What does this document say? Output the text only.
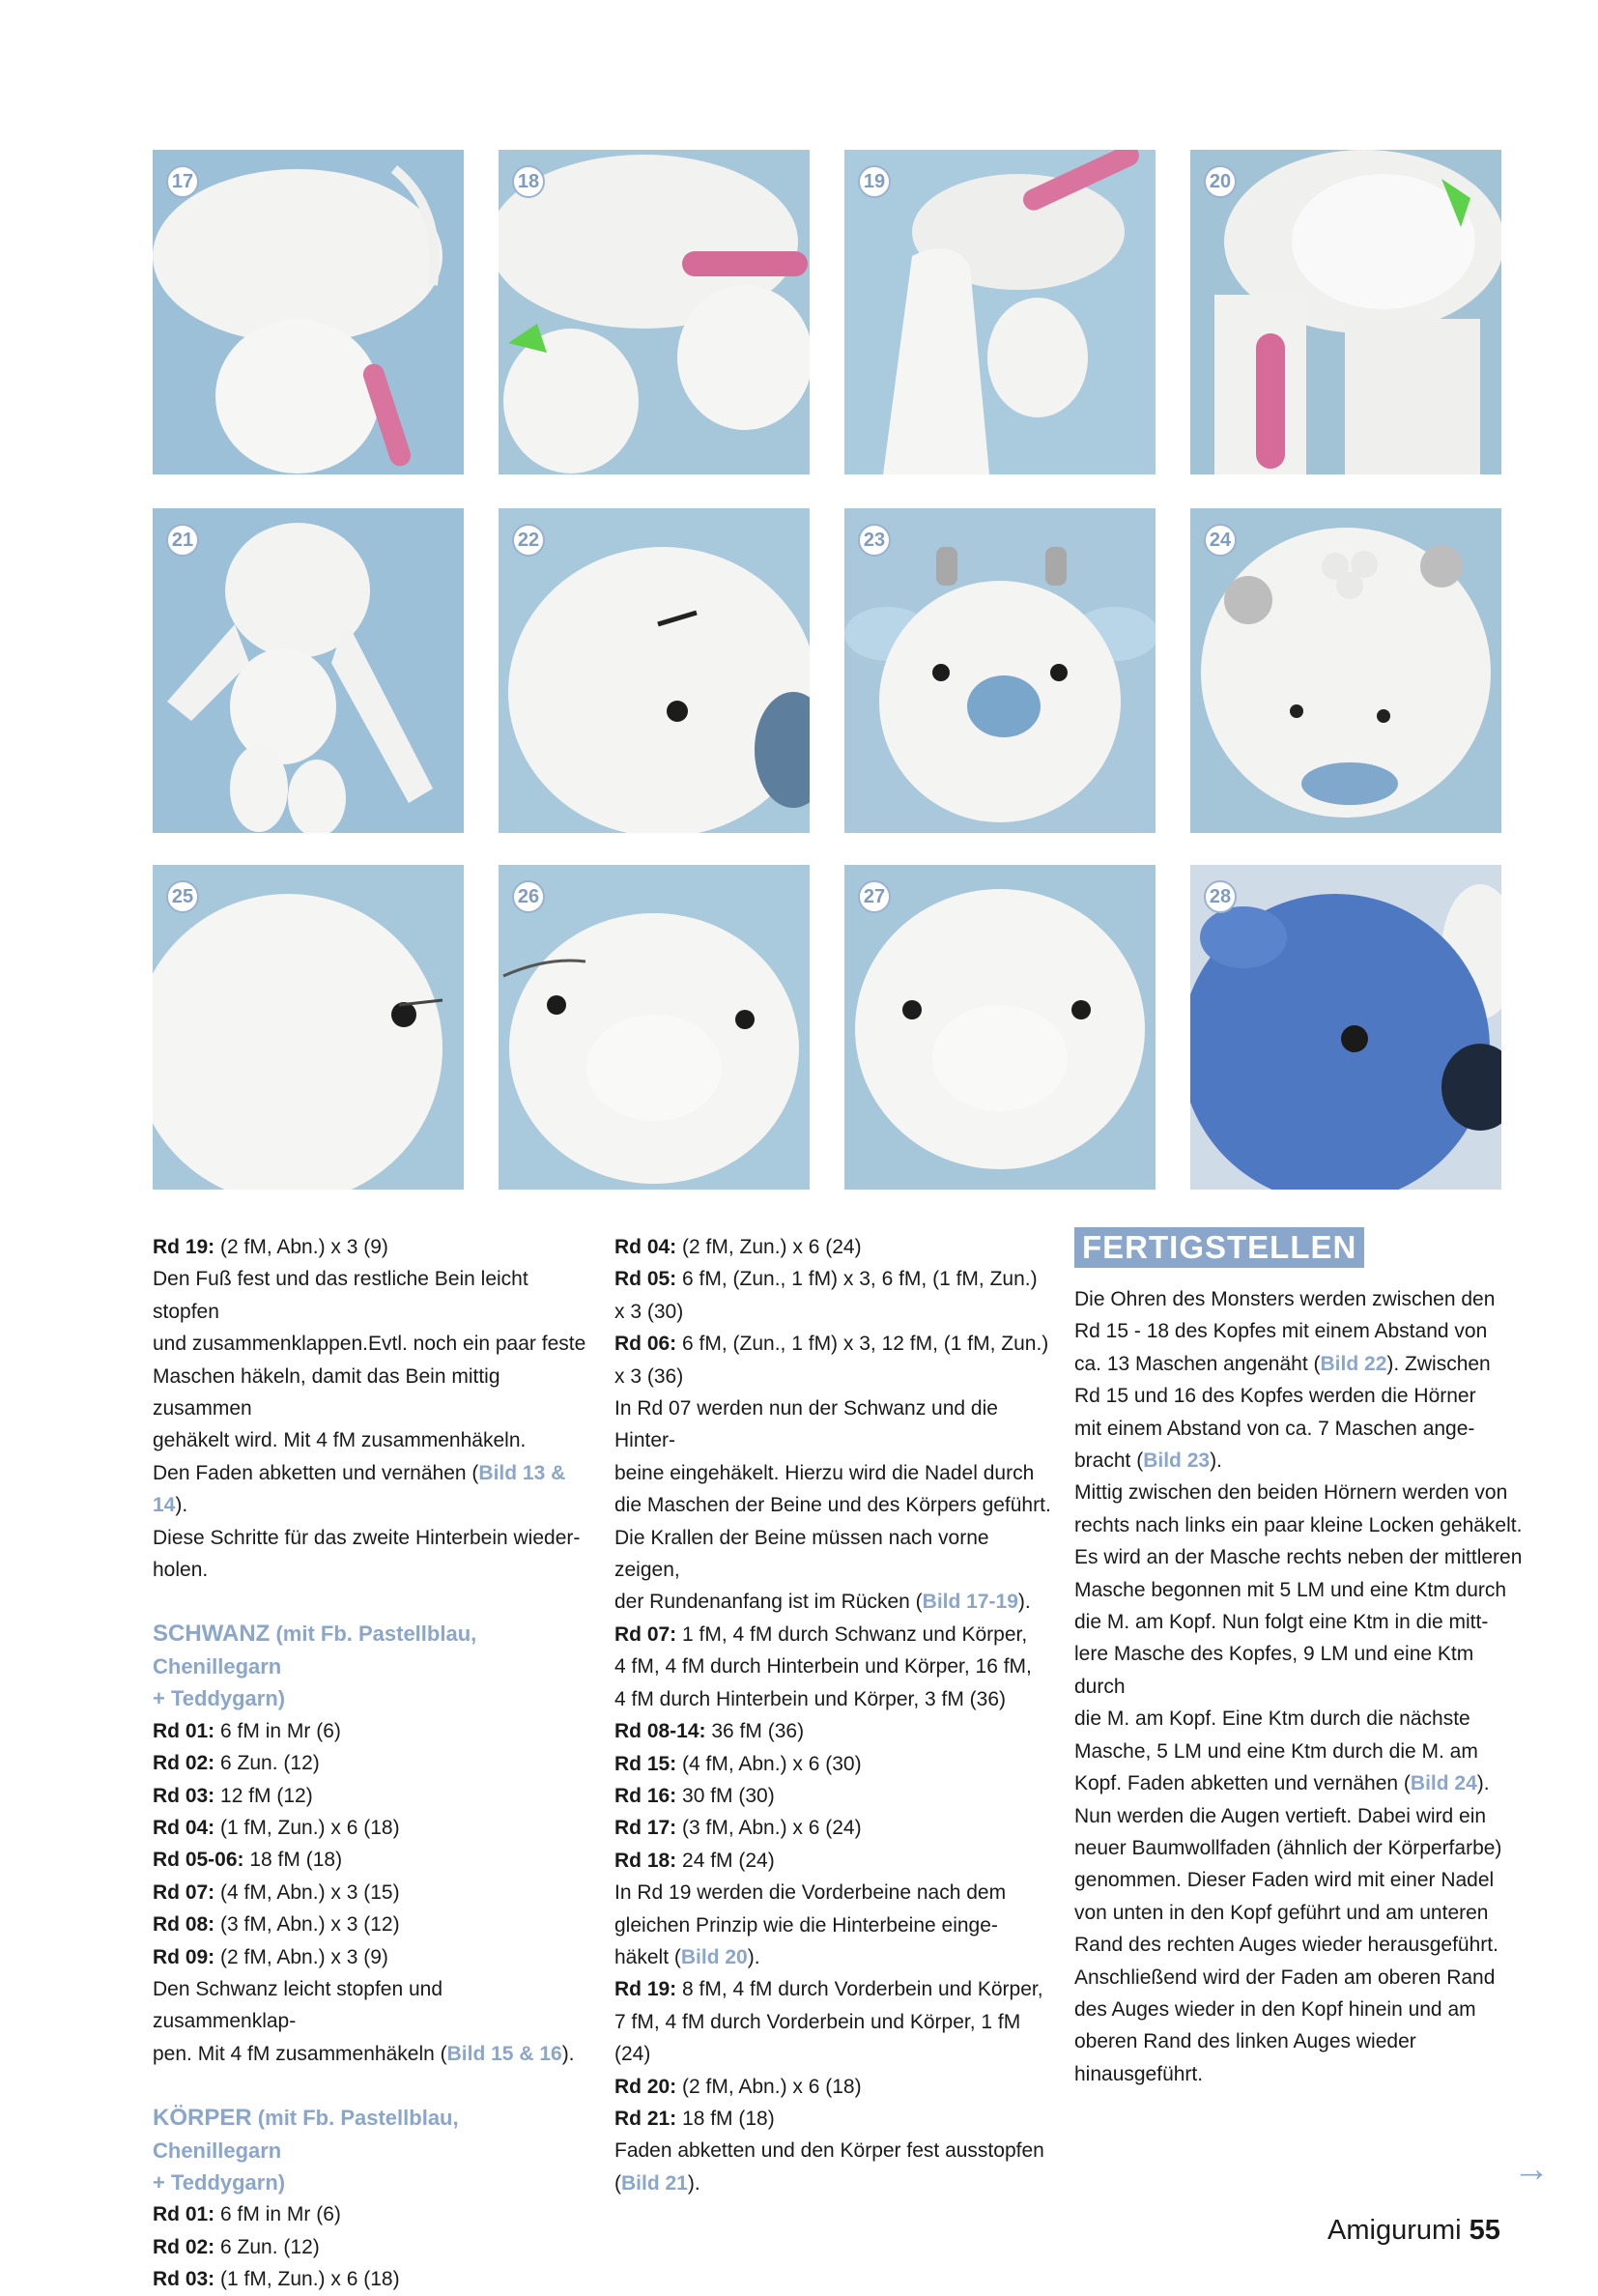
17	18	19	20
21	22	23	24
25	26	27	28

Rd 19: (2 fM, Abn.) x 3 (9)

Den Fuß fest und das restliche Bein leicht stopfen

und zusammenklappen.Evtl. noch ein paar feste

Maschen häkeln, damit das Bein mittig zusammen

gehäkelt wird. Mit 4 fM zusammenhäkeln.

Den Faden abketten und vernähen (Bild 13 & 14).

Diese Schritte für das zweite Hinterbein wieder-

holen.

SCHWANZ (mit Fb. Pastellblau, Chenillegarn

+ Teddygarn)

Rd 01: 6 fM in Mr (6)

Rd 02: 6 Zun. (12)

Rd 03: 12 fM (12)

Rd 04: (1 fM, Zun.) x 6 (18)

Rd 05-06: 18 fM (18)

Rd 07: (4 fM, Abn.) x 3 (15)

Rd 08: (3 fM, Abn.) x 3 (12)

Rd 09: (2 fM, Abn.) x 3 (9)

Den Schwanz leicht stopfen und zusammenklap-

pen. Mit 4 fM zusammenhäkeln (Bild 15 & 16).

KÖRPER (mit Fb. Pastellblau, Chenillegarn

+ Teddygarn)

Rd 01: 6 fM in Mr (6)

Rd 02: 6 Zun. (12)

Rd 03: (1 fM, Zun.) x 6 (18)

Rd 04: (2 fM, Zun.) x 6 (24)

Rd 05: 6 fM, (Zun., 1 fM) x 3, 6 fM, (1 fM, Zun.)

x 3 (30)

Rd 06: 6 fM, (Zun., 1 fM) x 3, 12 fM, (1 fM, Zun.)

x 3 (36)

In Rd 07 werden nun der Schwanz und die Hinter-

beine eingehäkelt. Hierzu wird die Nadel durch

die Maschen der Beine und des Körpers geführt.

Die Krallen der Beine müssen nach vorne zeigen,

der Rundenanfang ist im Rücken (Bild 17-19).

Rd 07: 1 fM, 4 fM durch Schwanz und Körper,

4 fM, 4 fM durch Hinterbein und Körper, 16 fM,

4 fM durch Hinterbein und Körper, 3 fM (36)

Rd 08-14: 36 fM (36)

Rd 15: (4 fM, Abn.) x 6 (30)

Rd 16: 30 fM (30)

Rd 17: (3 fM, Abn.) x 6 (24)

Rd 18: 24 fM (24)

In Rd 19 werden die Vorderbeine nach dem

gleichen Prinzip wie die Hinterbeine einge-

häkelt (Bild 20).

Rd 19: 8 fM, 4 fM durch Vorderbein und Körper,

7 fM, 4 fM durch Vorderbein und Körper, 1 fM (24)

Rd 20: (2 fM, Abn.) x 6 (18)

Rd 21: 18 fM (18)

Faden abketten und den Körper fest ausstopfen

(Bild 21).

FERTIGSTELLEN

Die Ohren des Monsters werden zwischen den

Rd 15 - 18 des Kopfes mit einem Abstand von

ca. 13 Maschen angenäht (Bild 22). Zwischen

Rd 15 und 16 des Kopfes werden die Hörner

mit einem Abstand von ca. 7 Maschen ange-

bracht (Bild 23).

Mittig zwischen den beiden Hörnern werden von

rechts nach links ein paar kleine Locken gehäkelt.

Es wird an der Masche rechts neben der mittleren

Masche begonnen mit 5 LM und eine Ktm durch

die M. am Kopf. Nun folgt eine Ktm in die mitt-

lere Masche des Kopfes, 9 LM und eine Ktm durch

die M. am Kopf. Eine Ktm durch die nächste

Masche, 5 LM und eine Ktm durch die M. am

Kopf. Faden abketten und vernähen (Bild 24).

Nun werden die Augen vertieft. Dabei wird ein

neuer Baumwollfaden (ähnlich der Körperfarbe)

genommen. Dieser Faden wird mit einer Nadel

von unten in den Kopf geführt und am unteren

Rand des rechten Auges wieder herausgeführt.

Anschließend wird der Faden am oberen Rand

des Auges wieder in den Kopf hinein und am

oberen Rand des linken Auges wieder

hinausgeführt.

→
Amigurumi 55
